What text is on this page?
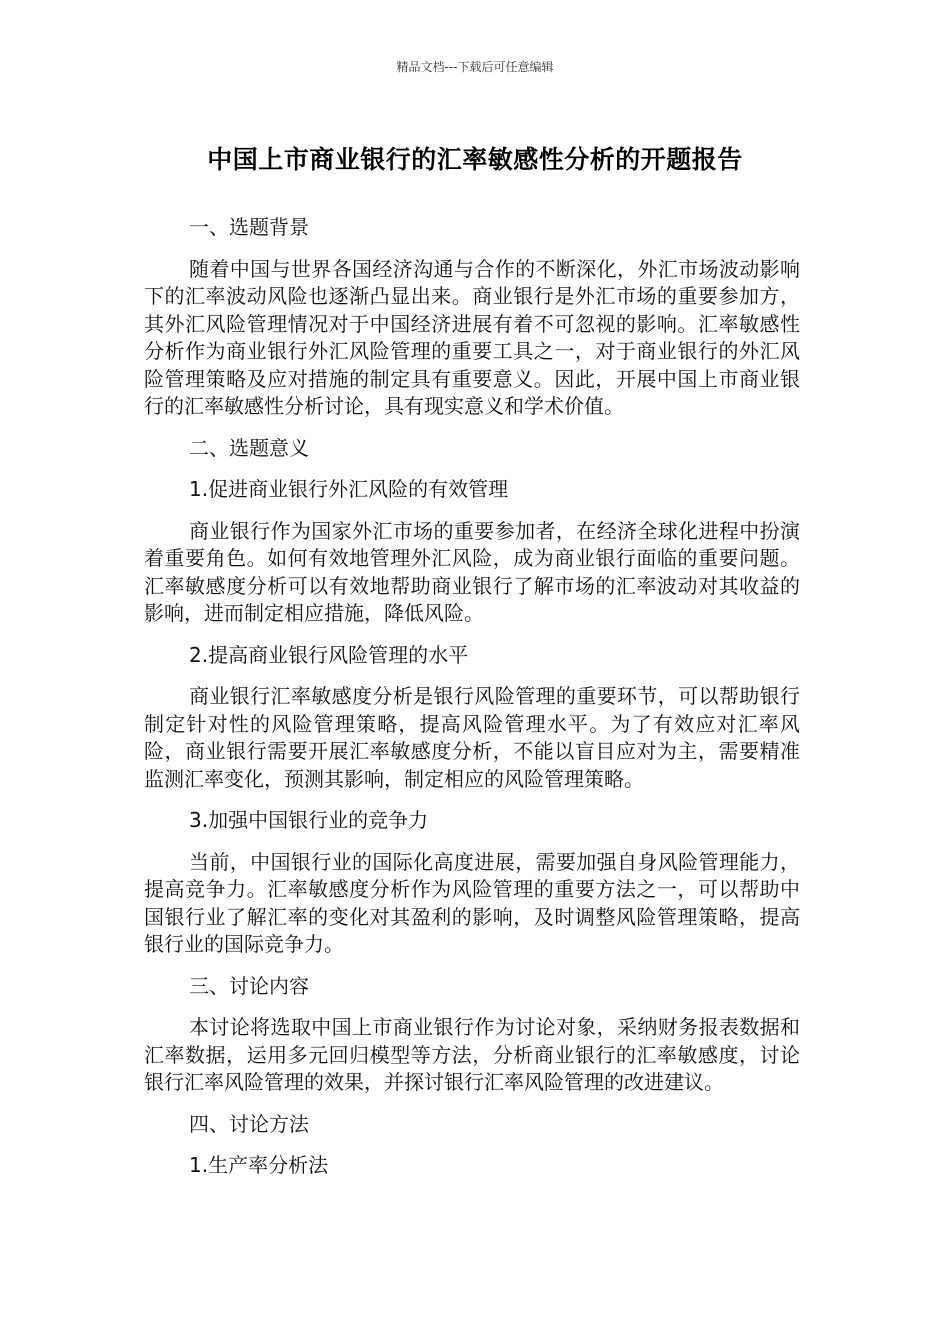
精品文档---下载后可任意编辑
中国上市商业银行的汇率敏感性分析的开题报告

一、选题背景

随着中国与世界各国经济沟通与合作的不断深化，外汇市场波动影响下的汇率波动风险也逐渐凸显出来。商业银行是外汇市场的重要参加方，其外汇风险管理情况对于中国经济进展有着不可忽视的影响。汇率敏感性分析作为商业银行外汇风险管理的重要工具之一，对于商业银行的外汇风险管理策略及应对措施的制定具有重要意义。因此，开展中国上市商业银行的汇率敏感性分析讨论，具有现实意义和学术价值。

二、选题意义

1.促进商业银行外汇风险的有效管理

商业银行作为国家外汇市场的重要参加者，在经济全球化进程中扮演着重要角色。如何有效地管理外汇风险，成为商业银行面临的重要问题。汇率敏感度分析可以有效地帮助商业银行了解市场的汇率波动对其收益的影响，进而制定相应措施，降低风险。

2.提高商业银行风险管理的水平

商业银行汇率敏感度分析是银行风险管理的重要环节，可以帮助银行制定针对性的风险管理策略，提高风险管理水平。为了有效应对汇率风险，商业银行需要开展汇率敏感度分析，不能以盲目应对为主，需要精准监测汇率变化，预测其影响，制定相应的风险管理策略。

3.加强中国银行业的竞争力

当前，中国银行业的国际化高度进展，需要加强自身风险管理能力，提高竞争力。汇率敏感度分析作为风险管理的重要方法之一，可以帮助中国银行业了解汇率的变化对其盈利的影响，及时调整风险管理策略，提高银行业的国际竞争力。

三、讨论内容

本讨论将选取中国上市商业银行作为讨论对象，采纳财务报表数据和汇率数据，运用多元回归模型等方法，分析商业银行的汇率敏感度，讨论银行汇率风险管理的效果，并探讨银行汇率风险管理的改进建议。

四、讨论方法

1.生产率分析法
